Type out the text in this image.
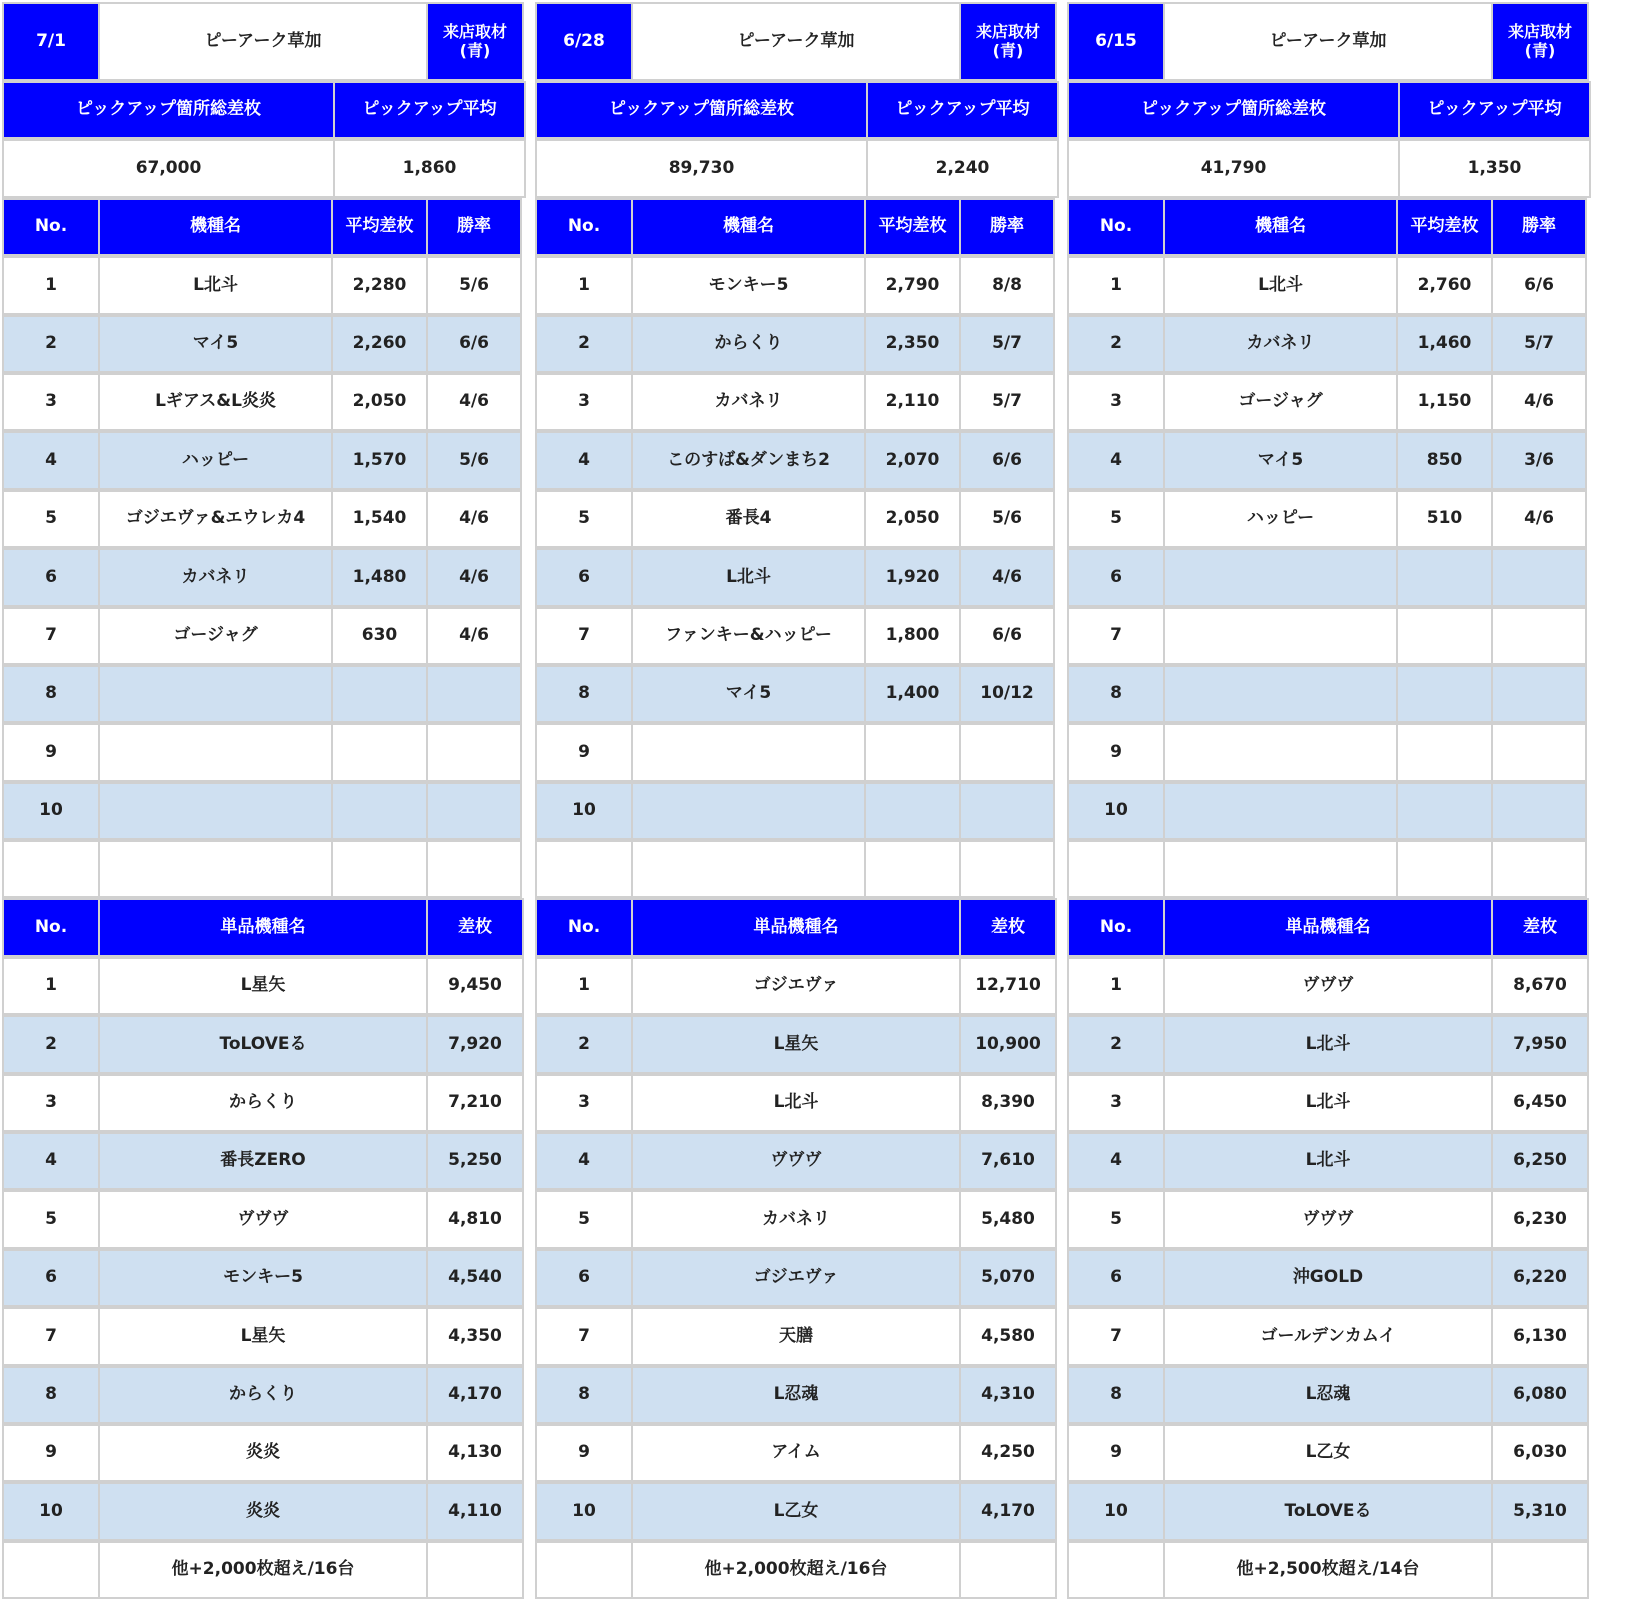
7/1	ピーアーク草加	来店取材
(青)
ピックアップ箇所総差枚	ピックアップ平均
67,000	1,860
No.	機種名	平均差枚	勝率
1	L北斗	2,280	5/6
2	マイ5	2,260	6/6
3	Lギアス&L炎炎	2,050	4/6
4	ハッピー	1,570	5/6
5	ゴジエヴァ&エウレカ4	1,540	4/6
6	カバネリ	1,480	4/6
7	ゴージャグ	630	4/6
8
9
10
No.	単品機種名	差枚
1	L星矢	9,450
2	ToLOVEる	7,920
3	からくり	7,210
4	番長ZERO	5,250
5	ヴヴヴ	4,810
6	モンキー5	4,540
7	L星矢	4,350
8	からくり	4,170
9	炎炎	4,130
10	炎炎	4,110
他+2,000枚超え/16台
6/28	ピーアーク草加	来店取材
(青)
ピックアップ箇所総差枚	ピックアップ平均
89,730	2,240
No.	機種名	平均差枚	勝率
1	モンキー5	2,790	8/8
2	からくり	2,350	5/7
3	カバネリ	2,110	5/7
4	このすば&ダンまち2	2,070	6/6
5	番長4	2,050	5/6
6	L北斗	1,920	4/6
7	ファンキー&ハッピー	1,800	6/6
8	マイ5	1,400	10/12
9
10
No.	単品機種名	差枚
1	ゴジエヴァ	12,710
2	L星矢	10,900
3	L北斗	8,390
4	ヴヴヴ	7,610
5	カバネリ	5,480
6	ゴジエヴァ	5,070
7	天膳	4,580
8	L忍魂	4,310
9	アイム	4,250
10	L乙女	4,170
他+2,000枚超え/16台
6/15	ピーアーク草加	来店取材
(青)
ピックアップ箇所総差枚	ピックアップ平均
41,790	1,350
No.	機種名	平均差枚	勝率
1	L北斗	2,760	6/6
2	カバネリ	1,460	5/7
3	ゴージャグ	1,150	4/6
4	マイ5	850	3/6
5	ハッピー	510	4/6
6
7
8
9
10
No.	単品機種名	差枚
1	ヴヴヴ	8,670
2	L北斗	7,950
3	L北斗	6,450
4	L北斗	6,250
5	ヴヴヴ	6,230
6	沖GOLD	6,220
7	ゴールデンカムイ	6,130
8	L忍魂	6,080
9	L乙女	6,030
10	ToLOVEる	5,310
他+2,500枚超え/14台
